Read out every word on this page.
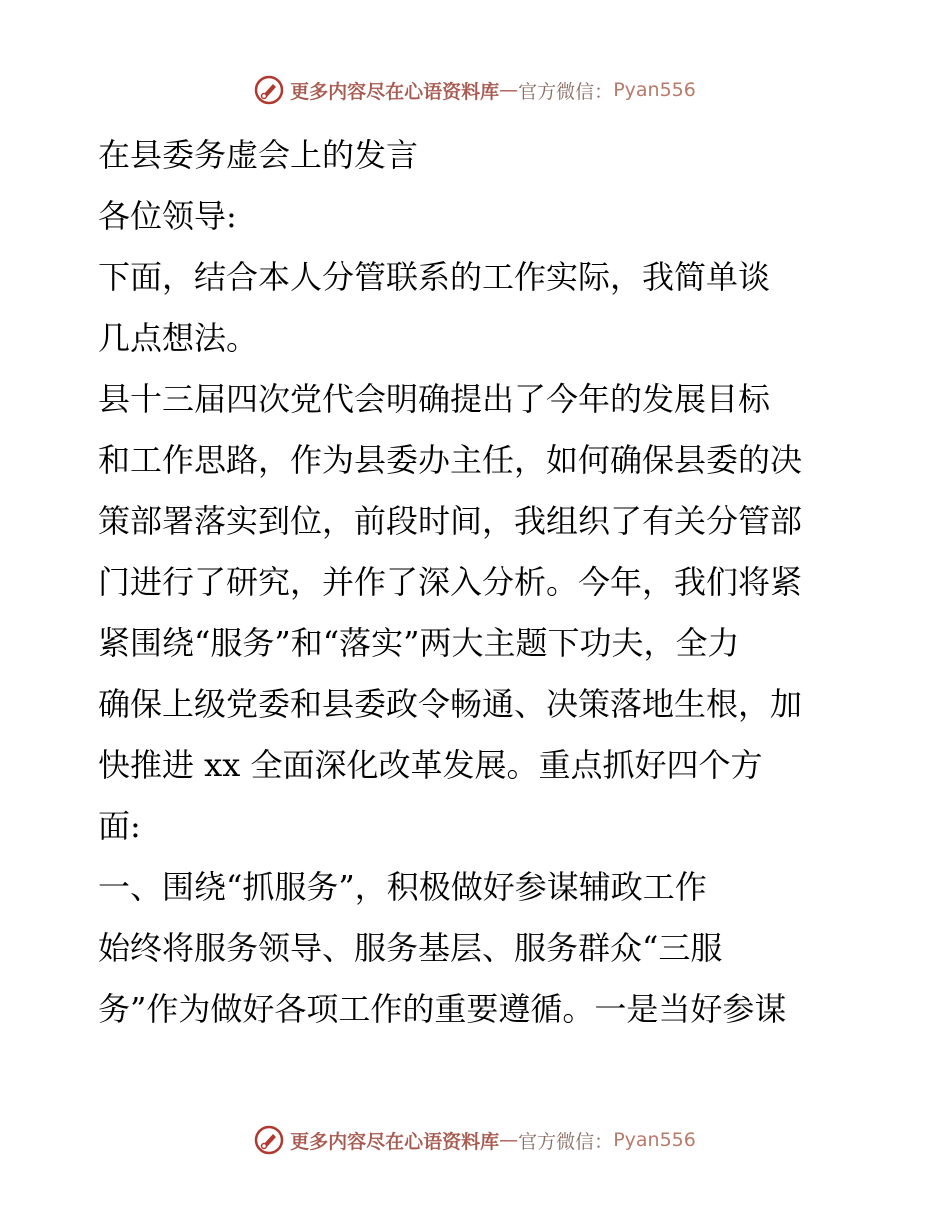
更多内容尽在心语资料库 — 官方微信： Pyan556
在县委务虚会上的发言
各位领导:
下面，结合本人分管联系的工作实际，我简单谈
几点想法。
县十三届四次党代会明确提出了今年的发展目标
和工作思路，作为县委办主任，如何确保县委的决
策部署落实到位，前段时间，我组织了有关分管部
门进行了研究，并作了深入分析。今年，我们将紧
紧围绕“服务”和“落实”两大主题下功夫，全力
确保上级党委和县委政令畅通、决策落地生根，加
快推进 xx 全面深化改革发展。重点抓好四个方
面:
一、围绕“抓服务”，积极做好参谋辅政工作
始终将服务领导、服务基层、服务群众“三服
务”作为做好各项工作的重要遵循。一是当好参谋
更多内容尽在心语资料库 — 官方微信： Pyan556
